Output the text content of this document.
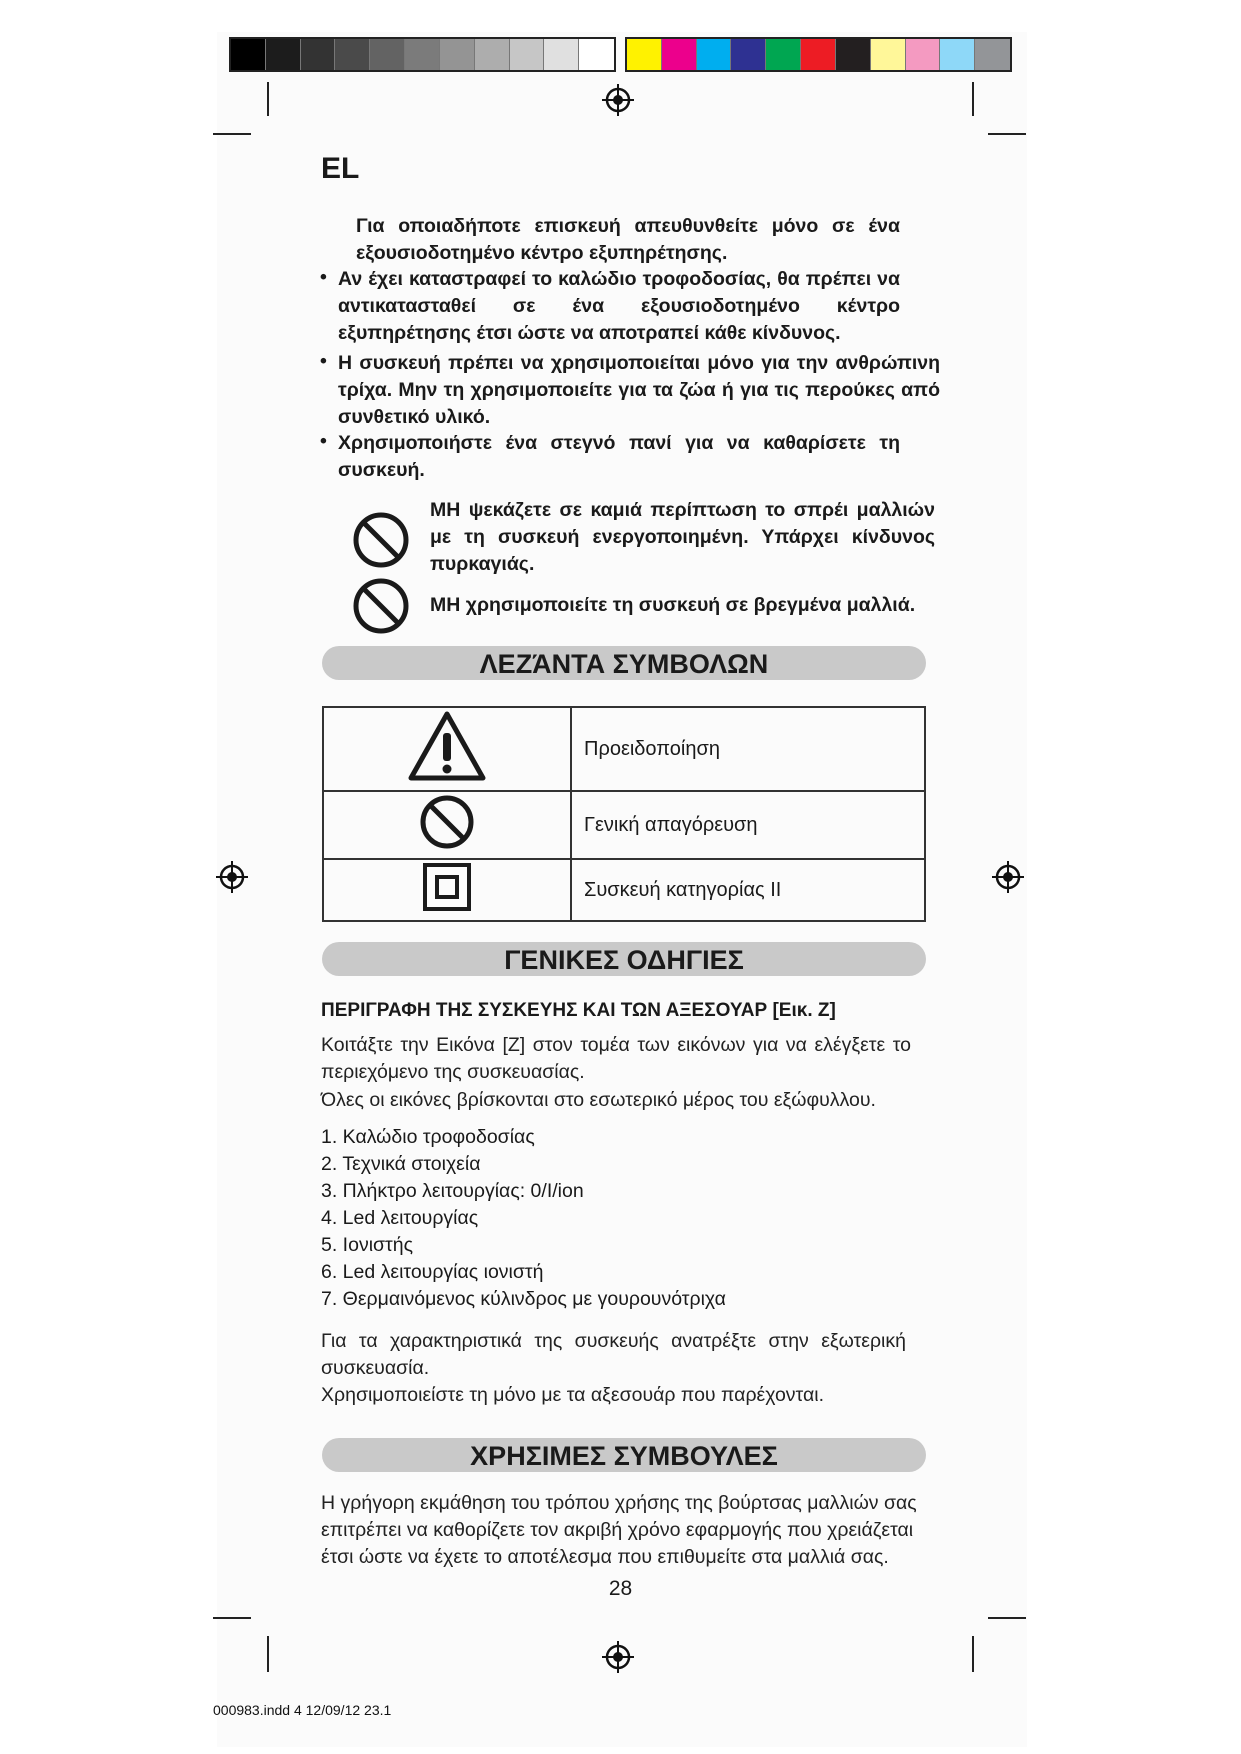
EL
Για οποιαδήποτε επισκευή απευθυνθείτε μόνο σε ένα εξουσιοδοτημένο κέντρο εξυπηρέτησης.
• Αν έχει καταστραφεί το καλώδιο τροφοδοσίας, θα πρέπει να αντικατασταθεί σε ένα εξουσιοδοτημένο κέντρο εξυπηρέτησης έτσι ώστε να αποτραπεί κάθε κίνδυνος.
• Η συσκευή πρέπει να χρησιμοποιείται μόνο για την ανθρώπινη τρίχα. Μην τη χρησιμοποιείτε για τα ζώα ή για τις περούκες από συνθετικό υλικό.
• Χρησιμοποιήστε ένα στεγνό πανί για να καθαρίσετε τη συσκευή.
ΜΗ ψεκάζετε σε καμιά περίπτωση το σπρέι μαλλιών με τη συσκευή ενεργοποιημένη. Υπάρχει κίνδυνος πυρκαγιάς.
ΜΗ χρησιμοποιείτε τη συσκευή σε βρεγμένα μαλλιά.
ΛΕΖΆΝΤΑ ΣΥΜΒΟΛΩΝ
	Προειδοποίηση
	Γενική απαγόρευση
	Συσκευή κατηγορίας II
ΓΕΝΙΚΕΣ ΟΔΗΓΙΕΣ
ΠΕΡΙΓΡΑΦΗ ΤΗΣ ΣΥΣΚΕΥΗΣ ΚΑΙ ΤΩΝ ΑΞΕΣΟΥΑΡ [Εικ. Z]
Κοιτάξτε την Εικόνα [Z] στον τομέα των εικόνων για να ελέγξετε το περιεχόμενο της συσκευασίας.
Όλες οι εικόνες βρίσκονται στο εσωτερικό μέρος του εξώφυλλου.
1. Καλώδιο τροφοδοσίας
2. Τεχνικά στοιχεία
3. Πλήκτρο λειτουργίας: 0/I/ion
4. Led λειτουργίας
5. Ιονιστής
6. Led λειτουργίας ιονιστή
7. Θερμαινόμενος κύλινδρος με γουρουνότριχα
Για τα χαρακτηριστικά της συσκευής ανατρέξτε στην εξωτερική συσκευασία.
Χρησιμοποιείστε τη μόνο με τα αξεσουάρ που παρέχονται.
ΧΡΗΣΙΜΕΣ ΣΥΜΒΟΥΛΕΣ
Η γρήγορη εκμάθηση του τρόπου χρήσης της βούρτσας μαλλιών σας επιτρέπει να καθορίζετε τον ακριβή χρόνο εφαρμογής που χρειάζεται έτσι ώστε να έχετε το αποτέλεσμα που επιθυμείτε στα μαλλιά σας.
28
000983.indd 4 12/09/12 23.1
